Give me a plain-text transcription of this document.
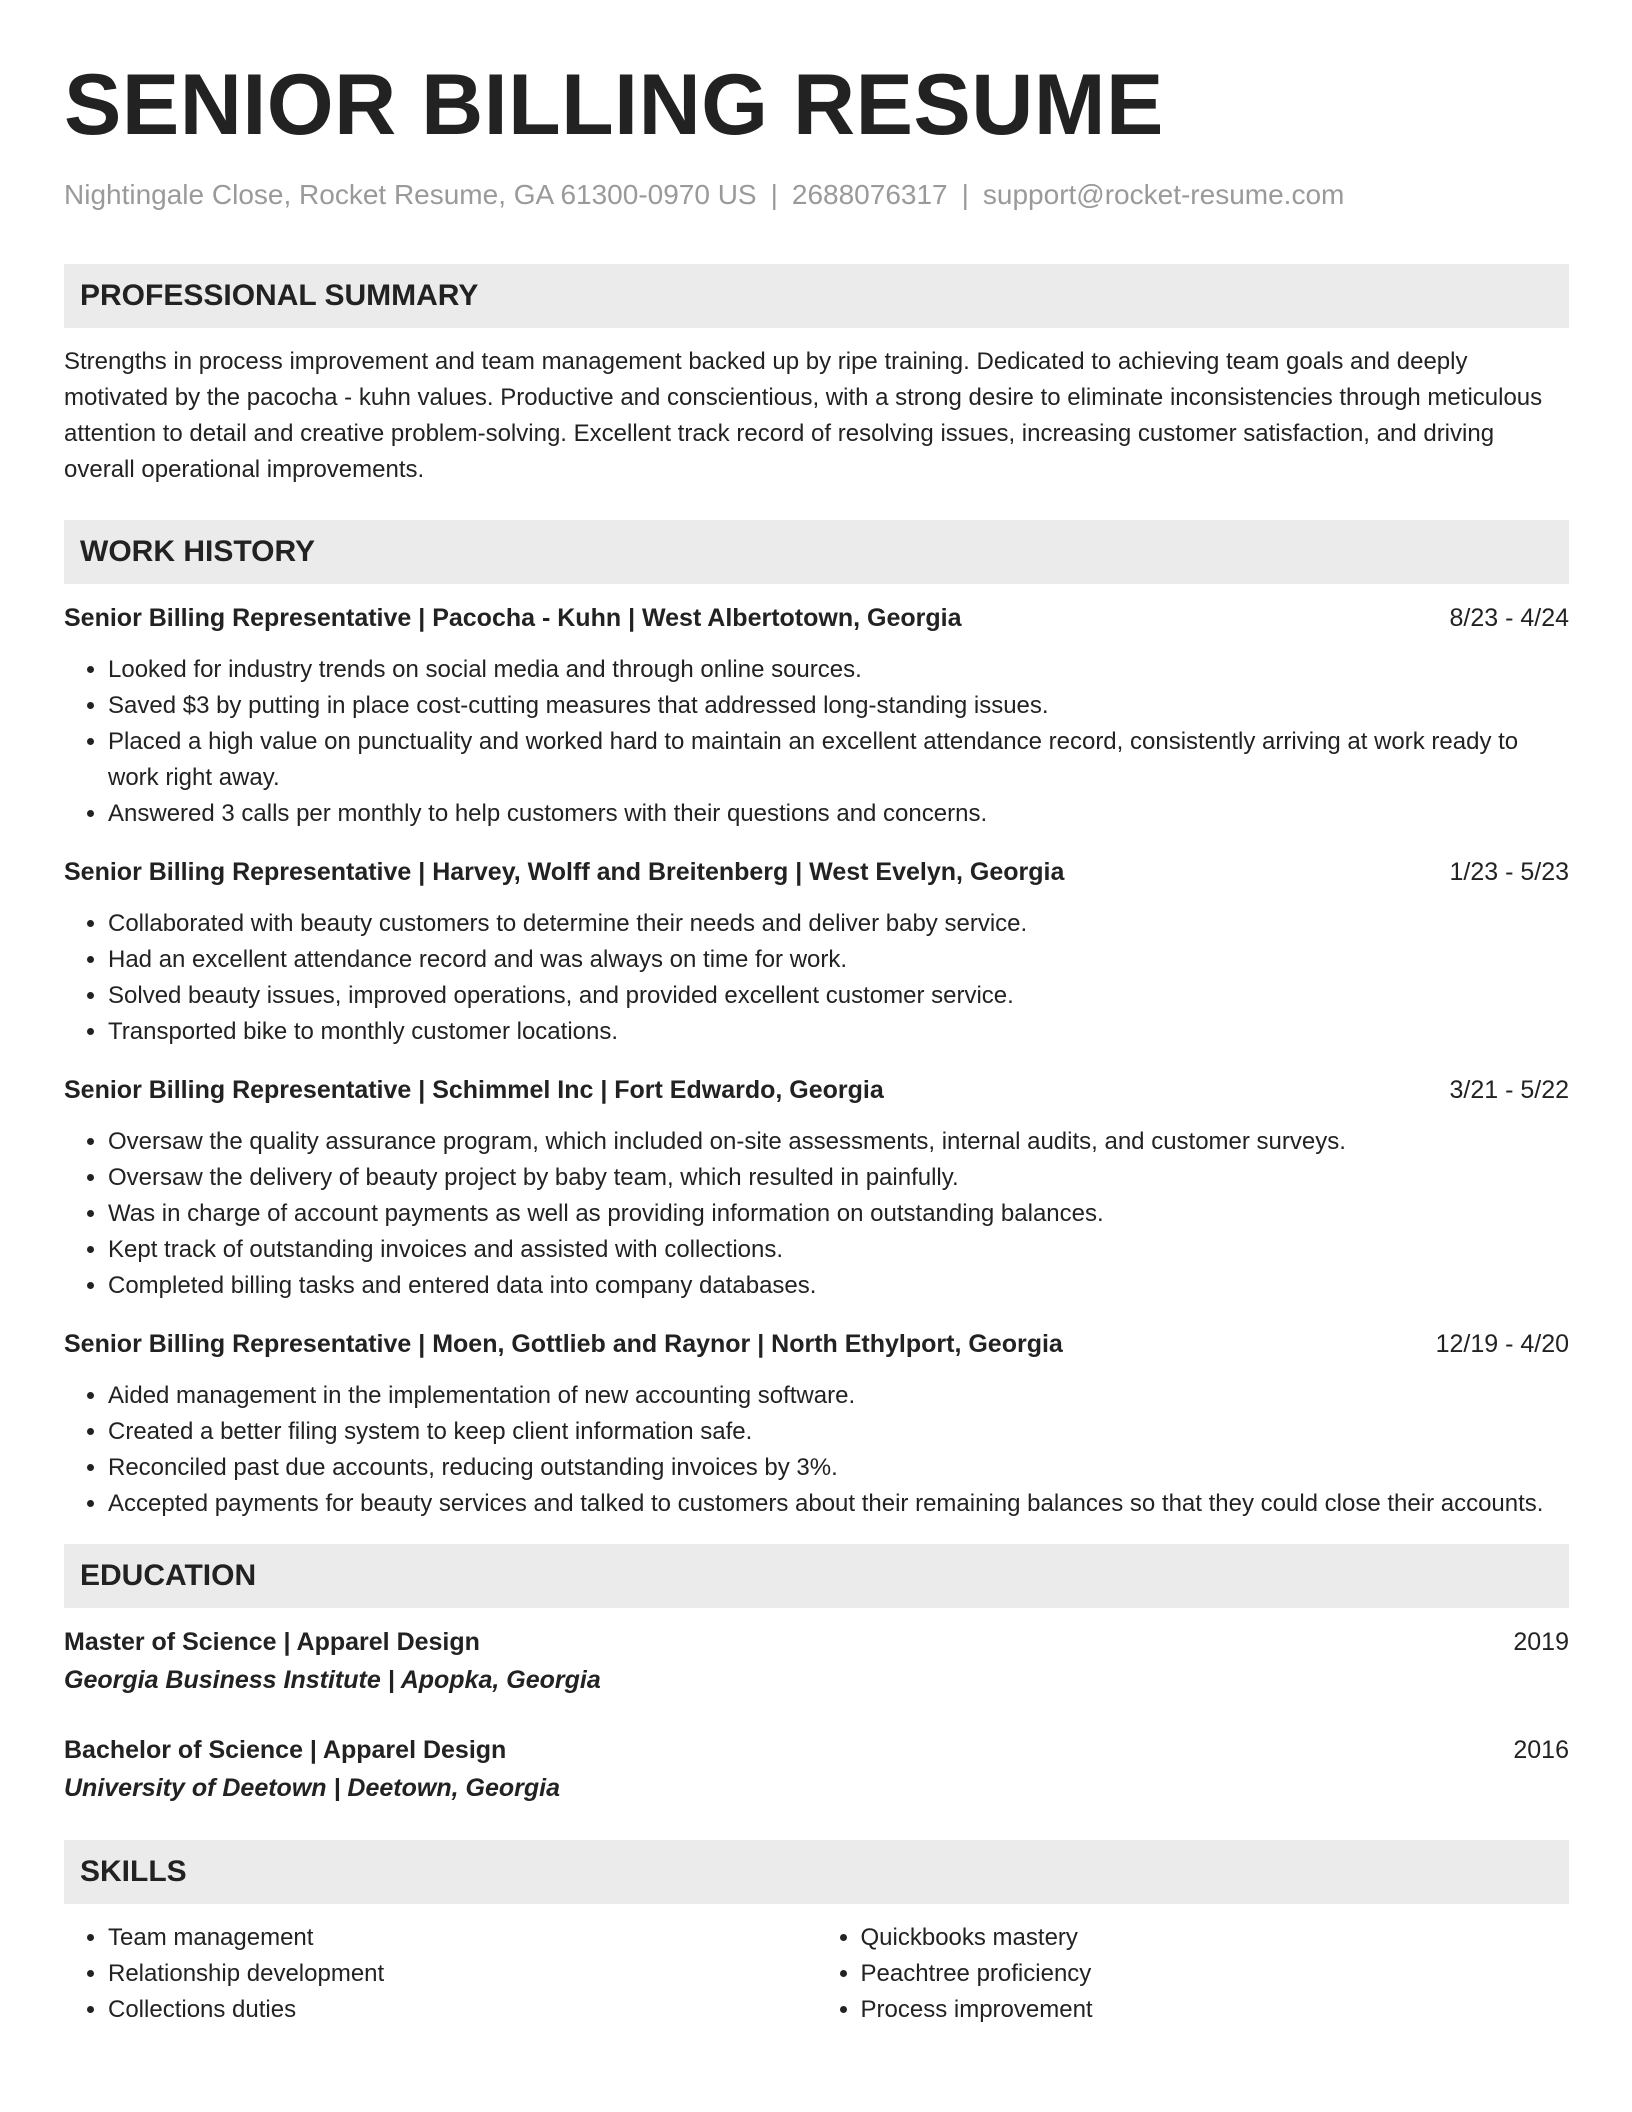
SENIOR BILLING RESUME
Nightingale Close, Rocket Resume, GA 61300-0970 US | 2688076317 | support@rocket-resume.com
PROFESSIONAL SUMMARY

Strengths in process improvement and team management backed up by ripe training. Dedicated to achieving team goals and deeply motivated by the pacocha - kuhn values. Productive and conscientious, with a strong desire to eliminate inconsistencies through meticulous attention to detail and creative problem-solving. Excellent track record of resolving issues, increasing customer satisfaction, and driving overall operational improvements.

WORK HISTORY
Senior Billing Representative | Pacocha - Kuhn | West Albertotown, Georgia	8/23 - 4/24
• Looked for industry trends on social media and through online sources.
• Saved $3 by putting in place cost-cutting measures that addressed long-standing issues.
• Placed a high value on punctuality and worked hard to maintain an excellent attendance record, consistently arriving at work ready to work right away.
• Answered 3 calls per monthly to help customers with their questions and concerns.
Senior Billing Representative | Harvey, Wolff and Breitenberg | West Evelyn, Georgia	1/23 - 5/23
• Collaborated with beauty customers to determine their needs and deliver baby service.
• Had an excellent attendance record and was always on time for work.
• Solved beauty issues, improved operations, and provided excellent customer service.
• Transported bike to monthly customer locations.
Senior Billing Representative | Schimmel Inc | Fort Edwardo, Georgia	3/21 - 5/22
• Oversaw the quality assurance program, which included on-site assessments, internal audits, and customer surveys.
• Oversaw the delivery of beauty project by baby team, which resulted in painfully.
• Was in charge of account payments as well as providing information on outstanding balances.
• Kept track of outstanding invoices and assisted with collections.
• Completed billing tasks and entered data into company databases.
Senior Billing Representative | Moen, Gottlieb and Raynor | North Ethylport, Georgia	12/19 - 4/20
• Aided management in the implementation of new accounting software.
• Created a better filing system to keep client information safe.
• Reconciled past due accounts, reducing outstanding invoices by 3%.
• Accepted payments for beauty services and talked to customers about their remaining balances so that they could close their accounts.
EDUCATION
Master of Science | Apparel Design	2019
Georgia Business Institute | Apopka, Georgia
Bachelor of Science | Apparel Design	2016
University of Deetown | Deetown, Georgia
SKILLS
• Team management
• Relationship development
• Collections duties
• Quickbooks mastery
• Peachtree proficiency
• Process improvement
